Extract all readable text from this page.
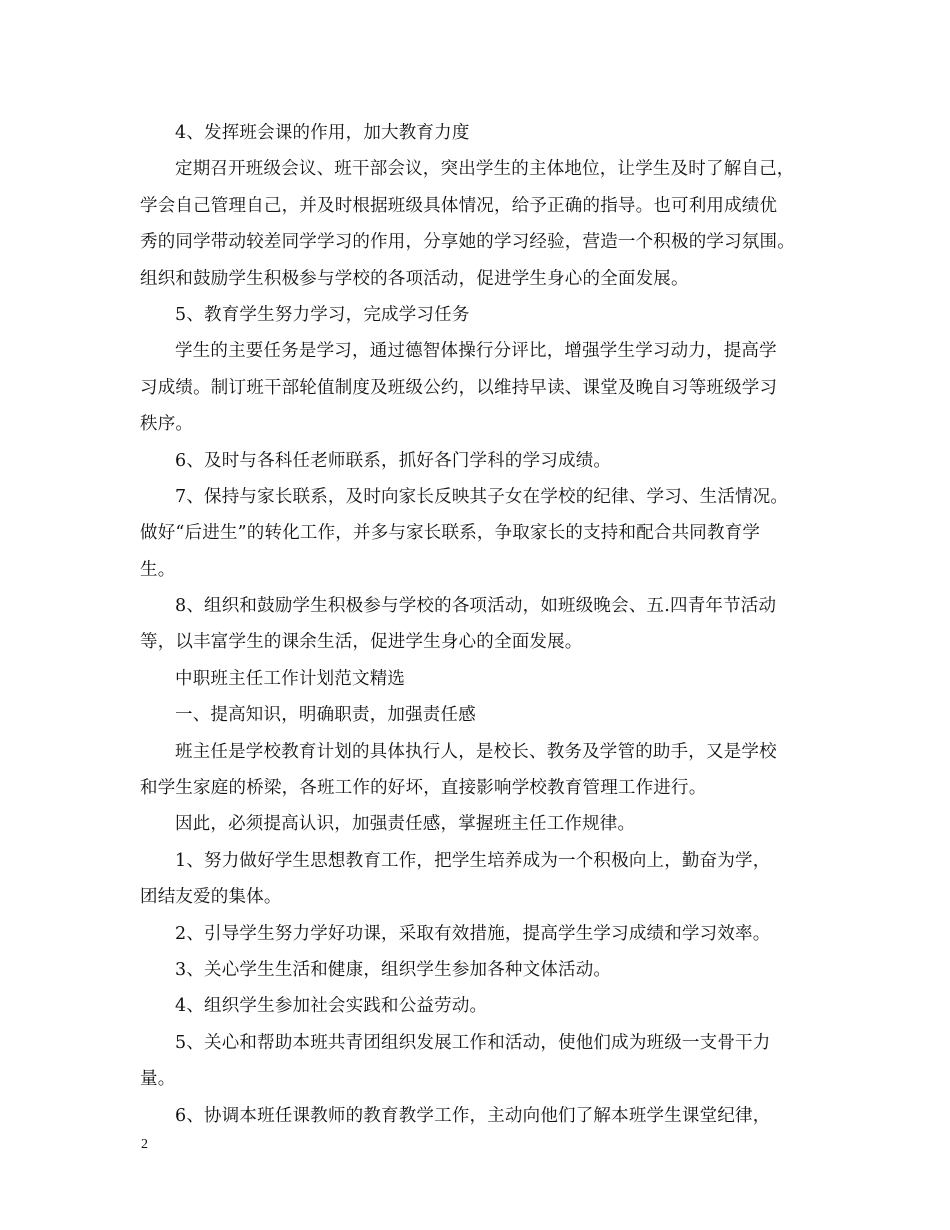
4、发挥班会课的作用，加大教育力度
定期召开班级会议、班干部会议，突出学生的主体地位，让学生及时了解自己，
学会自己管理自己，并及时根据班级具体情况，给予正确的指导。也可利用成绩优
秀的同学带动较差同学学习的作用，分享她的学习经验，营造一个积极的学习氛围。
组织和鼓励学生积极参与学校的各项活动，促进学生身心的全面发展。
5、教育学生努力学习，完成学习任务
学生的主要任务是学习，通过德智体操行分评比，增强学生学习动力，提高学
习成绩。制订班干部轮值制度及班级公约，以维持早读、课堂及晚自习等班级学习
秩序。
6、及时与各科任老师联系，抓好各门学科的学习成绩。
7、保持与家长联系，及时向家长反映其子女在学校的纪律、学习、生活情况。
做好“后进生”的转化工作，并多与家长联系，争取家长的支持和配合共同教育学
生。
8、组织和鼓励学生积极参与学校的各项活动，如班级晚会、五.四青年节活动
等，以丰富学生的课余生活，促进学生身心的全面发展。
中职班主任工作计划范文精选
一、提高知识，明确职责，加强责任感
班主任是学校教育计划的具体执行人，是校长、教务及学管的助手，又是学校
和学生家庭的桥梁，各班工作的好坏，直接影响学校教育管理工作进行。
因此，必须提高认识，加强责任感，掌握班主任工作规律。
1、努力做好学生思想教育工作，把学生培养成为一个积极向上，勤奋为学，
团结友爱的集体。
2、引导学生努力学好功课，采取有效措施，提高学生学习成绩和学习效率。
3、关心学生生活和健康，组织学生参加各种文体活动。
4、组织学生参加社会实践和公益劳动。
5、关心和帮助本班共青团组织发展工作和活动，使他们成为班级一支骨干力
量。
6、协调本班任课教师的教育教学工作，主动向他们了解本班学生课堂纪律，
2
